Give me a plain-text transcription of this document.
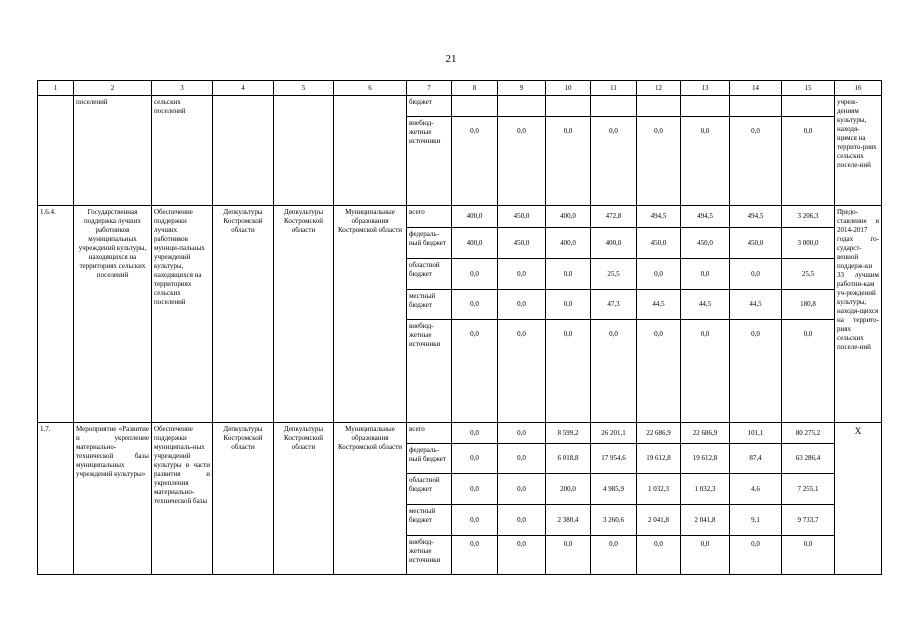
21
1	2	3	4	5	6	7	8	9	10	11	12	13	14	15	16
	поселений	сельских поселений				бюджет									учреж-дениям культуры, находя-щимся на террито-риях сельских поселе-ний
						внебюд-жетные источники	0,0	0,0	0,0	0,0	0,0	0,0	0,0	0,0	
1.6.4.	Государственная поддержка лучших работников муниципальных учреждений культуры, находящихся на территориях сельских поселений	Обеспечение поддержки лучших работников муници-пальных учреждений культуры, находящихся на территориях сельских поселений	Депкультуры Костромской области	Депкультуры Костромской области	Муниципальные образования Костромской области	всего	400,0	450,0	400,0	472,8	494,5	494,5	494,5	3 206,3	Предо-ставление в 2014-2017 годах го-сударст-венной поддерж-ки 33 лучшим работни-кам уч-реждений культуры, находя-щихся на террито-риях сельских поселе-ний
						федераль-ный бюджет	400,0	450,0	400,0	400,0	450,0	450,0	450,0	3 000,0	
						областной бюджет	0,0	0,0	0,0	25,5	0,0	0,0	0,0	25,5	
						местный бюджет	0,0	0,0	0,0	47,3	44,5	44,5	44,5	180,8	
						внебюд-жетные источники	0,0	0,0	0,0	0,0	0,0	0,0	0,0	0,0	
1.7.	Мероприятие «Развитие и укрепление материально-технической базы муниципальных учреждений культуры»	Обеспечение поддержки муниципаль-ных учреждений культуры в части развития и укрепления материально-технической базы	Депкультуры Костромской области	Депкультуры Костромской области	Муниципальные образования Костромской области	всего	0,0	0,0	8 599,2	26 201,1	22 686,9	22 686,9	101,1	80 275,2	X
						федераль-ный бюджет	0,0	0,0	6 018,8	17 954,6	19 612,8	19 612,8	87,4	63 286,4	
						областной бюджет	0,0	0,0	200,0	4 985,9	1 032,3	1 032,3	4,6	7 255,1	
						местный бюджет	0,0	0,0	2 380,4	3 260,6	2 041,8	2 041,8	9,1	9 733,7	
						внебюд-жетные источники	0,0	0,0	0,0	0,0	0,0	0,0	0,0	0,0	
